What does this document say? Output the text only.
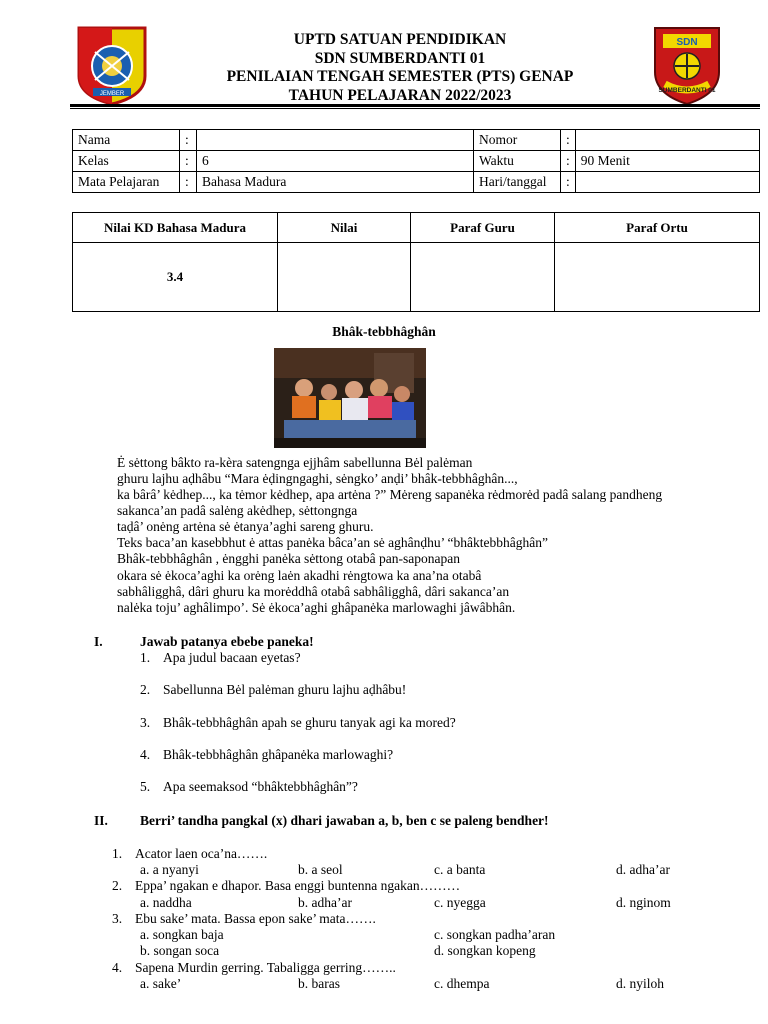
JEMBER
SDN
SUMBERDANTI 01
UPTD SATUAN PENDIDIKAN
SDN SUMBERDANTI 01
PENILAIAN TENGAH SEMESTER (PTS) GENAP
TAHUN PELAJARAN 2022/2023
Nama	:		Nomor	:	
Kelas	:	6	Waktu	:	90 Menit
Mata Pelajaran	:	Bahasa Madura	Hari/tanggal	:	
Nilai KD Bahasa Madura	Nilai	Paraf Guru	Paraf Ortu
3.4			
Bhâk-tebbhâghân
Ė sėttong bâkto ra-kèra satengnga ejjhâm sabellunna Bėl palėman
ghuru lajhu aḍhâbu “Mara ėḍingngaghi, sėngko’ anḍi’ bhâk-tebbhâghân...,
ka bârâ’ kėdhep..., ka tėmor kėdhep, apa artėna ?” Mėreng sapanėka rėdmorėd padâ salang pandheng
sakanca’an padâ salėng akėdhep, sėttongnga
taḍâ’ onėng artėna sė ėtanya’aghi sareng ghuru.
Teks baca’an kasebbhut ė attas panėka bâca’an sė aghânḍhu’ “bhâktebbhâghân”
Bhâk-tebbhâghân , ėngghi panėka sėttong otabâ pan-saponapan
okara sė ėkoca’aghi ka orėng laėn akadhi rėngtowa ka ana’na otabâ
sabhâligghâ, dâri ghuru ka morėddhâ otabâ sabhâligghâ, dâri sakanca’an
nalėka toju’ aghâlimpo’. Sė ėkoca’aghi ghâpanėka marlowaghi jâwâbhân.
I.	Jawab patanya ebebe paneka!
1. Apa judul bacaan eyetas?
2. Sabellunna Bėl palėman ghuru lajhu aḍhâbu!
3. Bhâk-tebbhâghân apah se ghuru tanyak agi ka mored?
4. Bhâk-tebbhâghân ghâpanėka marlowaghi?
5. Apa seemaksod “bhâktebbhâghân”?
II. Berri’ tandha pangkal (x) dhari jawaban a, b, ben c se paleng bendher!
1. Acator laen oca’na…….
a. a nyanyi	b. a seol	c. a banta	d. adha’ar
2. Eppa’ ngakan e dhapor. Basa enggi buntenna ngakan………
a. naddha	b. adha’ar	c. nyegga	d. nginom
3. Ebu sake’ mata. Bassa epon sake’ mata…….
a. songkan baja	c. songkan padha’aran
b. songan soca	d. songkan kopeng
4. Sapena Murdin gerring. Tabaligga gerring……..
a. sake’	b. baras	c. dhempa	d. nyiloh
